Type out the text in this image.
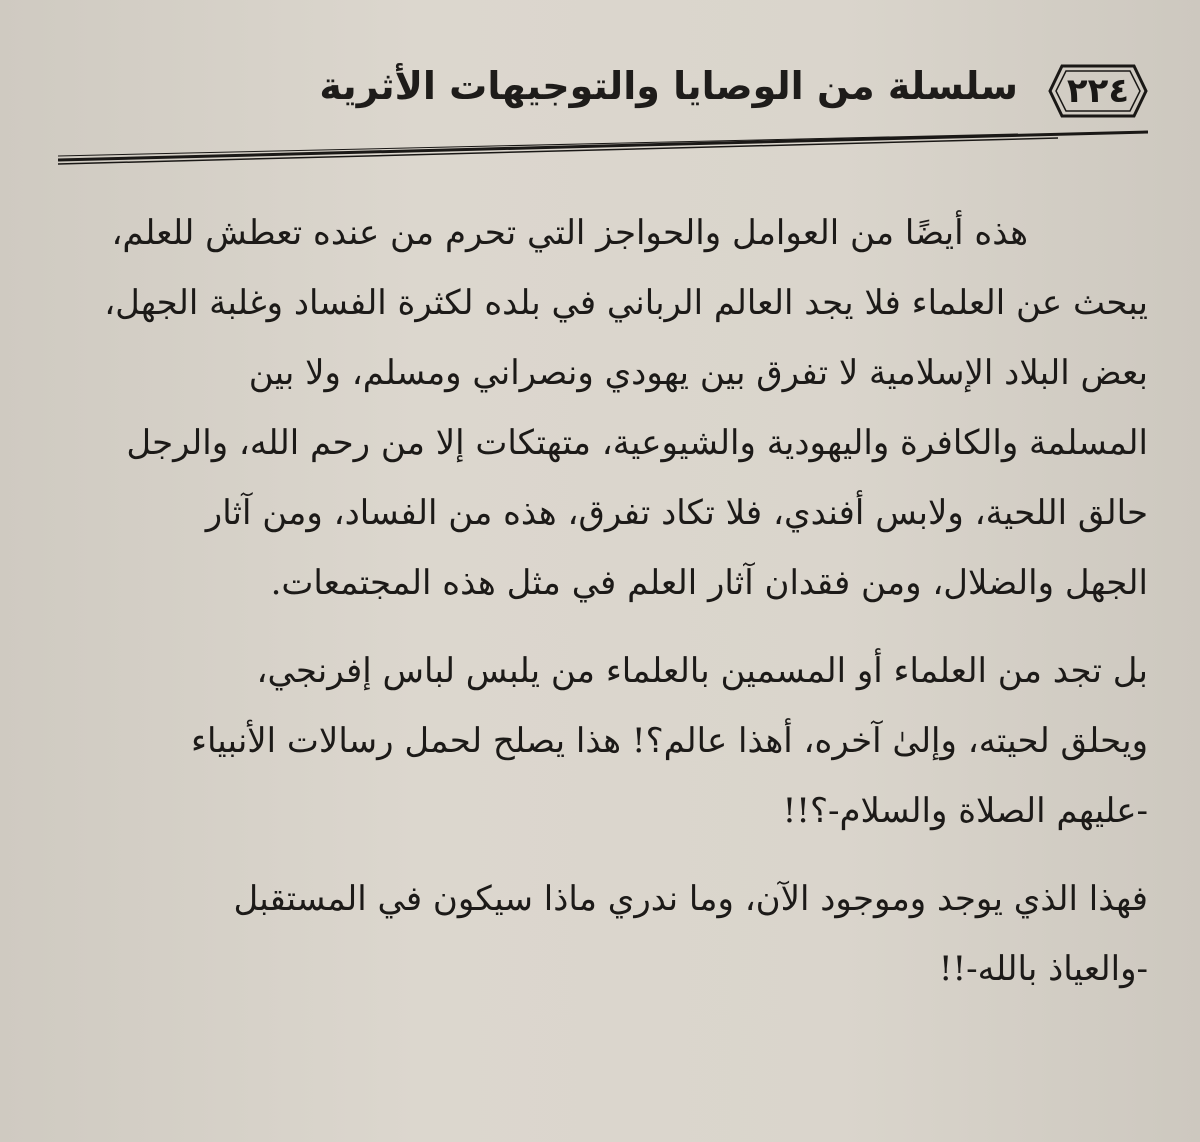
٢٢٤
سلسلة من الوصايا والتوجيهات الأثرية

هذه أيضًا من العوامل والحواجز التي تحرم من عنده تعطش للعلم،
يبحث عن العلماء فلا يجد العالم الرباني في بلده لكثرة الفساد وغلبة الجهل،
بعض البلاد الإسلامية لا تفرق بين يهودي ونصراني ومسلم، ولا بين
المسلمة والكافرة واليهودية والشيوعية، متهتكات إلا من رحم الله، والرجل
حالق اللحية، ولابس أفندي، فلا تكاد تفرق، هذه من الفساد، ومن آثار
الجهل والضلال، ومن فقدان آثار العلم في مثل هذه المجتمعات.

بل تجد من العلماء أو المسمين بالعلماء من يلبس لباس إفرنجي،
ويحلق لحيته، وإلىٰ آخره، أهذا عالم؟! هذا يصلح لحمل رسالات الأنبياء
-عليهم الصلاة والسلام-؟!!

فهذا الذي يوجد وموجود الآن، وما ندري ماذا سيكون في المستقبل
-والعياذ بالله-!!
